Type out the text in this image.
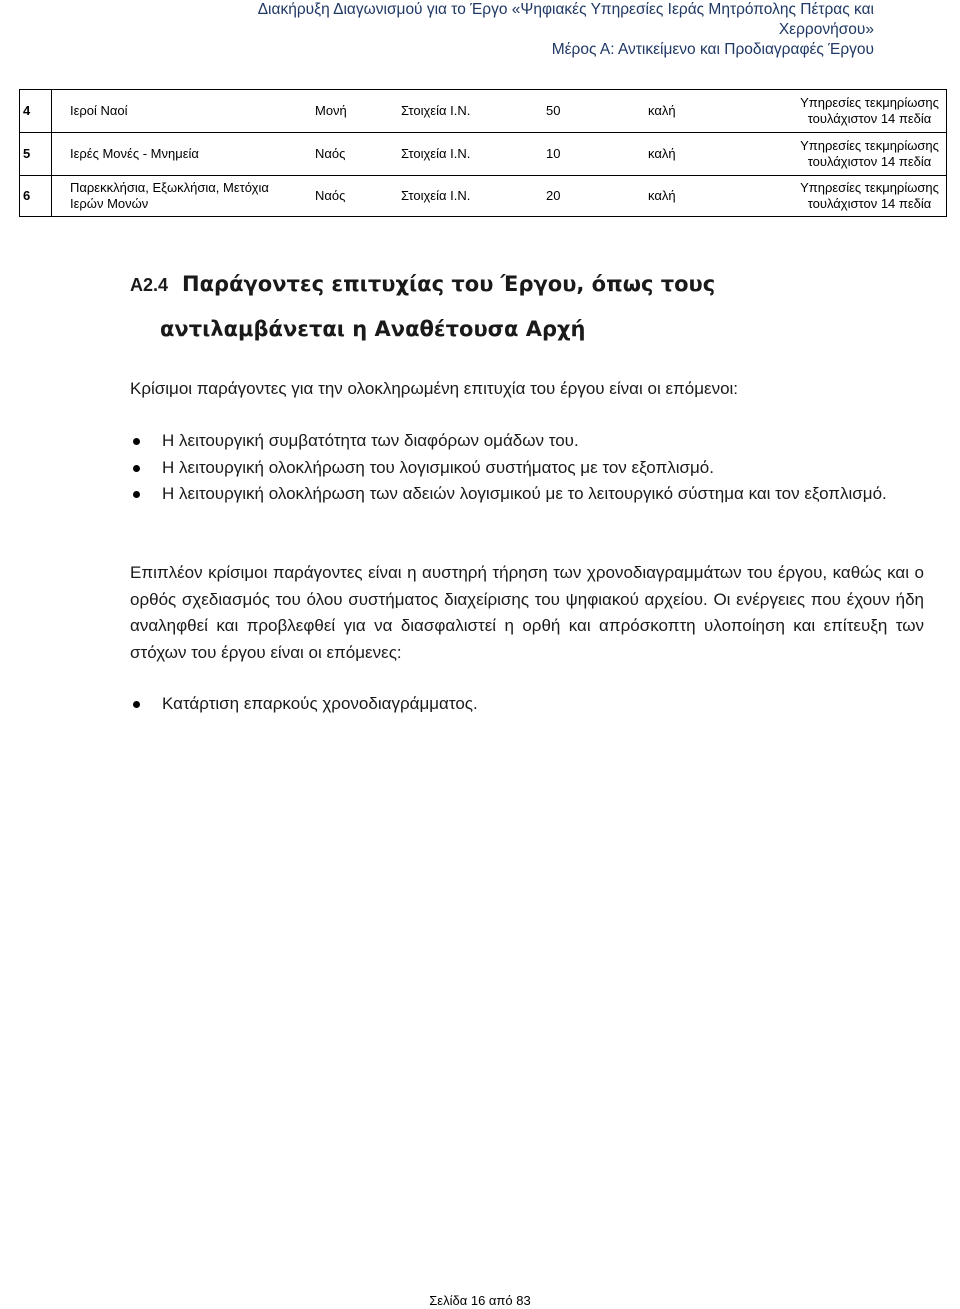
Διακήρυξη Διαγωνισμού για το Έργο «Ψηφιακές Υπηρεσίες Ιεράς Μητρόπολης Πέτρας και
Χερρονήσου»
Μέρος Α: Αντικείμενο και Προδιαγραφές Έργου
4	Ιεροί Ναοί	Μονή	Στοιχεία Ι.Ν.	50	καλή	Υπηρεσίες τεκμηρίωσης
τουλάχιστον 14 πεδία

5	Ιερές Μονές - Μνημεία	Ναός	Στοιχεία Ι.Ν.	10	καλή	Υπηρεσίες τεκμηρίωσης
τουλάχιστον 14 πεδία

6	Παρεκκλήσια, Εξωκλήσια, Μετόχια Ιερών Μονών	Ναός	Στοιχεία Ι.Ν.	20	καλή	Υπηρεσίες τεκμηρίωσης
τουλάχιστον 14 πεδία
Α2.4 Παράγοντες επιτυχίας του Έργου, όπως τους
αντιλαμβάνεται η Αναθέτουσα Αρχή
Κρίσιμοι παράγοντες για την ολοκληρωμένη επιτυχία του έργου είναι οι επόμενοι:
Η λειτουργική συμβατότητα των διαφόρων ομάδων του.
Η λειτουργική ολοκλήρωση του λογισμικού συστήματος με τον εξοπλισμό.
Η λειτουργική ολοκλήρωση των αδειών λογισμικού με το λειτουργικό σύστημα και τον εξοπλισμό.
Επιπλέον κρίσιμοι παράγοντες είναι η αυστηρή τήρηση των χρονοδιαγραμμάτων του έργου, καθώς και ο ορθός σχεδιασμός του όλου συστήματος διαχείρισης του ψηφιακού αρχείου. Οι ενέργειες που έχουν ήδη αναληφθεί και προβλεφθεί για να διασφαλιστεί η ορθή και απρόσκοπτη υλοποίηση και επίτευξη των στόχων του έργου είναι οι επόμενες:
Κατάρτιση επαρκούς χρονοδιαγράμματος.
Σελίδα 16 από 83
